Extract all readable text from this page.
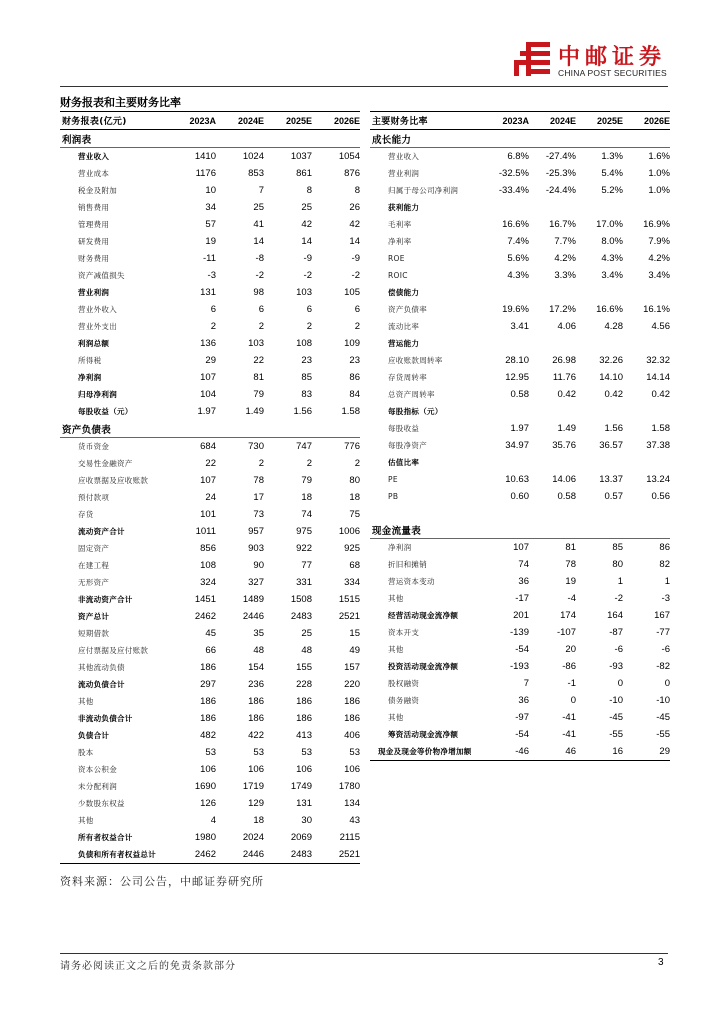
中邮证券
CHINA POST SECURITIES
财务报表和主要财务比率
财务报表(亿元)	2023A	2024E	2025E	2026E
利润表
营业收入	1410	1024	1037	1054
营业成本	1176	853	861	876
税金及附加	10	7	8	8
销售费用	34	25	25	26
管理费用	57	41	42	42
研发费用	19	14	14	14
财务费用	-11	-8	-9	-9
资产减值损失	-3	-2	-2	-2
营业利润	131	98	103	105
营业外收入	6	6	6	6
营业外支出	2	2	2	2
利润总额	136	103	108	109
所得税	29	22	23	23
净利润	107	81	85	86
归母净利润	104	79	83	84
每股收益（元）	1.97	1.49	1.56	1.58
资产负债表
货币资金	684	730	747	776
交易性金融资产	22	2	2	2
应收票据及应收账款	107	78	79	80
预付款项	24	17	18	18
存货	101	73	74	75
流动资产合计	1011	957	975	1006
固定资产	856	903	922	925
在建工程	108	90	77	68
无形资产	324	327	331	334
非流动资产合计	1451	1489	1508	1515
资产总计	2462	2446	2483	2521
短期借款	45	35	25	15
应付票据及应付账款	66	48	48	49
其他流动负债	186	154	155	157
流动负债合计	297	236	228	220
其他	186	186	186	186
非流动负债合计	186	186	186	186
负债合计	482	422	413	406
股本	53	53	53	53
资本公积金	106	106	106	106
未分配利润	1690	1719	1749	1780
少数股东权益	126	129	131	134
其他	4	18	30	43
所有者权益合计	1980	2024	2069	2115
负债和所有者权益总计	2462	2446	2483	2521
主要财务比率	2023A	2024E	2025E	2026E
成长能力
营业收入	6.8%	-27.4%	1.3%	1.6%
营业利润	-32.5%	-25.3%	5.4%	1.0%
归属于母公司净利润	-33.4%	-24.4%	5.2%	1.0%
获利能力
毛利率	16.6%	16.7%	17.0%	16.9%
净利率	7.4%	7.7%	8.0%	7.9%
ROE	5.6%	4.2%	4.3%	4.2%
ROIC	4.3%	3.3%	3.4%	3.4%
偿债能力
资产负债率	19.6%	17.2%	16.6%	16.1%
流动比率	3.41	4.06	4.28	4.56
营运能力
应收账款周转率	28.10	26.98	32.26	32.32
存货周转率	12.95	11.76	14.10	14.14
总资产周转率	0.58	0.42	0.42	0.42
每股指标（元）
每股收益	1.97	1.49	1.56	1.58
每股净资产	34.97	35.76	36.57	37.38
估值比率
PE	10.63	14.06	13.37	13.24
PB	0.60	0.58	0.57	0.56
现金流量表
净利润	107	81	85	86
折旧和摊销	74	78	80	82
营运资本变动	36	19	1	1
其他	-17	-4	-2	-3
经营活动现金流净额	201	174	164	167
资本开支	-139	-107	-87	-77
其他	-54	20	-6	-6
投资活动现金流净额	-193	-86	-93	-82
股权融资	7	-1	0	0
债务融资	36	0	-10	-10
其他	-97	-41	-45	-45
筹资活动现金流净额	-54	-41	-55	-55
现金及现金等价物净增加额	-46	46	16	29
资料来源：公司公告，中邮证券研究所
请务必阅读正文之后的免责条款部分	3
